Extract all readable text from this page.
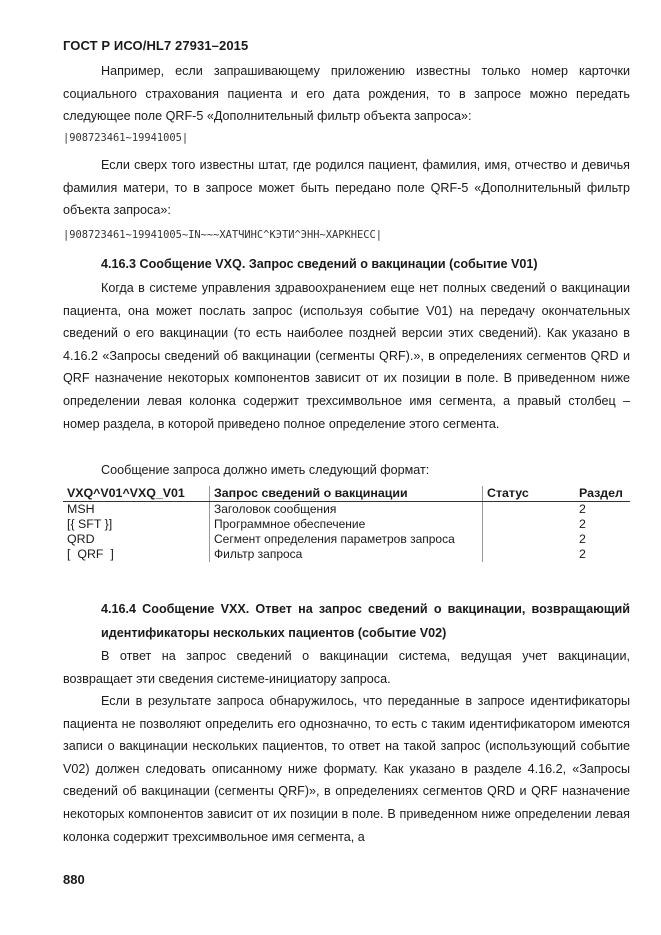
ГОСТ Р ИСО/HL7 27931–2015

Например, если запрашивающему приложению известны только номер карточки социального страхования пациента и его дата рождения, то в запросе можно передать следующее поле QRF-5 «Дополнительный фильтр объекта запроса»:

|908723461~19941005|

Если сверх того известны штат, где родился пациент, фамилия, имя, отчество и девичья фамилия матери, то в запросе может быть передано поле QRF-5 «Дополнительный фильтр объекта запроса»:

|908723461~19941005~IN~~~ХАТЧИНС^КЭТИ^ЭНН~ХАРКНЕСС|

4.16.3 Сообщение VXQ. Запрос сведений о вакцинации (событие V01)

Когда в системе управления здравоохранением еще нет полных сведений о вакцинации пациента, она может послать запрос (используя событие V01) на передачу окончательных сведений о его вакцинации (то есть наиболее поздней версии этих сведений). Как указано в 4.16.2 «Запросы сведений об вакцинации (сегменты QRF).», в определениях сегментов QRD и QRF назначение некоторых компонентов зависит от их позиции в поле. В приведенном ниже определении левая колонка содержит трехсимвольное имя сегмента, а правый столбец – номер раздела, в которой приведено полное определение этого сегмента.

Сообщение запроса должно иметь следующий формат:
VXQ^V01^VXQ_V01	Запрос сведений о вакцинации	Статус	Раздел
MSH	Заголовок сообщения		2
[{ SFT }]	Программное обеспечение		2
QRD	Сегмент определения параметров запроса		2
[  QRF  ]	Фильтр запроса		2

4.16.4 Сообщение VXX. Ответ на запрос сведений о вакцинации, возвращающий идентификаторы нескольких пациентов (событие V02)

В ответ на запрос сведений о вакцинации система, ведущая учет вакцинации, возвращает эти сведения системе-инициатору запроса.

Если в результате запроса обнаружилось, что переданные в запросе идентификаторы пациента не позволяют определить его однозначно, то есть с таким идентификатором имеются записи о вакцинации нескольких пациентов, то ответ на такой запрос (использующий событие V02) должен следовать описанному ниже формату. Как указано в разделе 4.16.2, «Запросы сведений об вакцинации (сегменты QRF)», в определениях сегментов QRD и QRF назначение некоторых компонентов зависит от их позиции в поле. В приведенном ниже определении левая колонка содержит трехсимвольное имя сегмента, а

880
